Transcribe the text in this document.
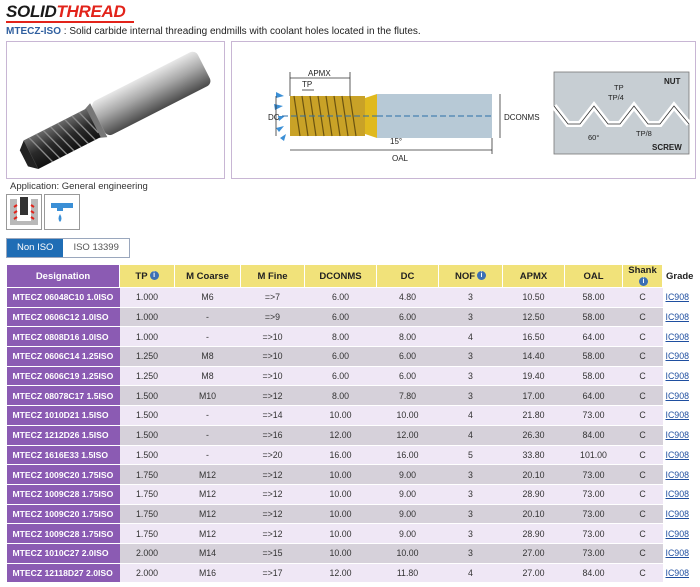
SOLIDTHREAD
MTECZ-ISO : Solid carbide internal threading endmills with coolant holes located in the flutes.
APMX
TP
DC	DCONMS
OAL
15°
NUT
SCREW
TP
TP/4
TP/8
60°
Application: General engineering
Non ISO	ISO 13399
Designation	TP i	M Coarse	M Fine	DCONMS	DC	NOF i	APMX	OAL	Shanki	Grade
MTECZ 06048C10 1.0ISO	1.000	M6	=>7	6.00	4.80	3	10.50	58.00	C	IC908
MTECZ 0606C12 1.0ISO	1.000	-	=>9	6.00	6.00	3	12.50	58.00	C	IC908
MTECZ 0808D16 1.0ISO	1.000	-	=>10	8.00	8.00	4	16.50	64.00	C	IC908
MTECZ 0606C14 1.25ISO	1.250	M8	=>10	6.00	6.00	3	14.40	58.00	C	IC908
MTECZ 0606C19 1.25ISO	1.250	M8	=>10	6.00	6.00	3	19.40	58.00	C	IC908
MTECZ 08078C17 1.5ISO	1.500	M10	=>12	8.00	7.80	3	17.00	64.00	C	IC908
MTECZ 1010D21 1.5ISO	1.500	-	=>14	10.00	10.00	4	21.80	73.00	C	IC908
MTECZ 1212D26 1.5ISO	1.500	-	=>16	12.00	12.00	4	26.30	84.00	C	IC908
MTECZ 1616E33 1.5ISO	1.500	-	=>20	16.00	16.00	5	33.80	101.00	C	IC908
MTECZ 1009C20 1.75ISO	1.750	M12	=>12	10.00	9.00	3	20.10	73.00	C	IC908
MTECZ 1009C28 1.75ISO	1.750	M12	=>12	10.00	9.00	3	28.90	73.00	C	IC908
MTECZ 1009C20 1.75ISO	1.750	M12	=>12	10.00	9.00	3	20.10	73.00	C	IC908
MTECZ 1009C28 1.75ISO	1.750	M12	=>12	10.00	9.00	3	28.90	73.00	C	IC908
MTECZ 1010C27 2.0ISO	2.000	M14	=>15	10.00	10.00	3	27.00	73.00	C	IC908
MTECZ 12118D27 2.0ISO	2.000	M16	=>17	12.00	11.80	4	27.00	84.00	C	IC908
